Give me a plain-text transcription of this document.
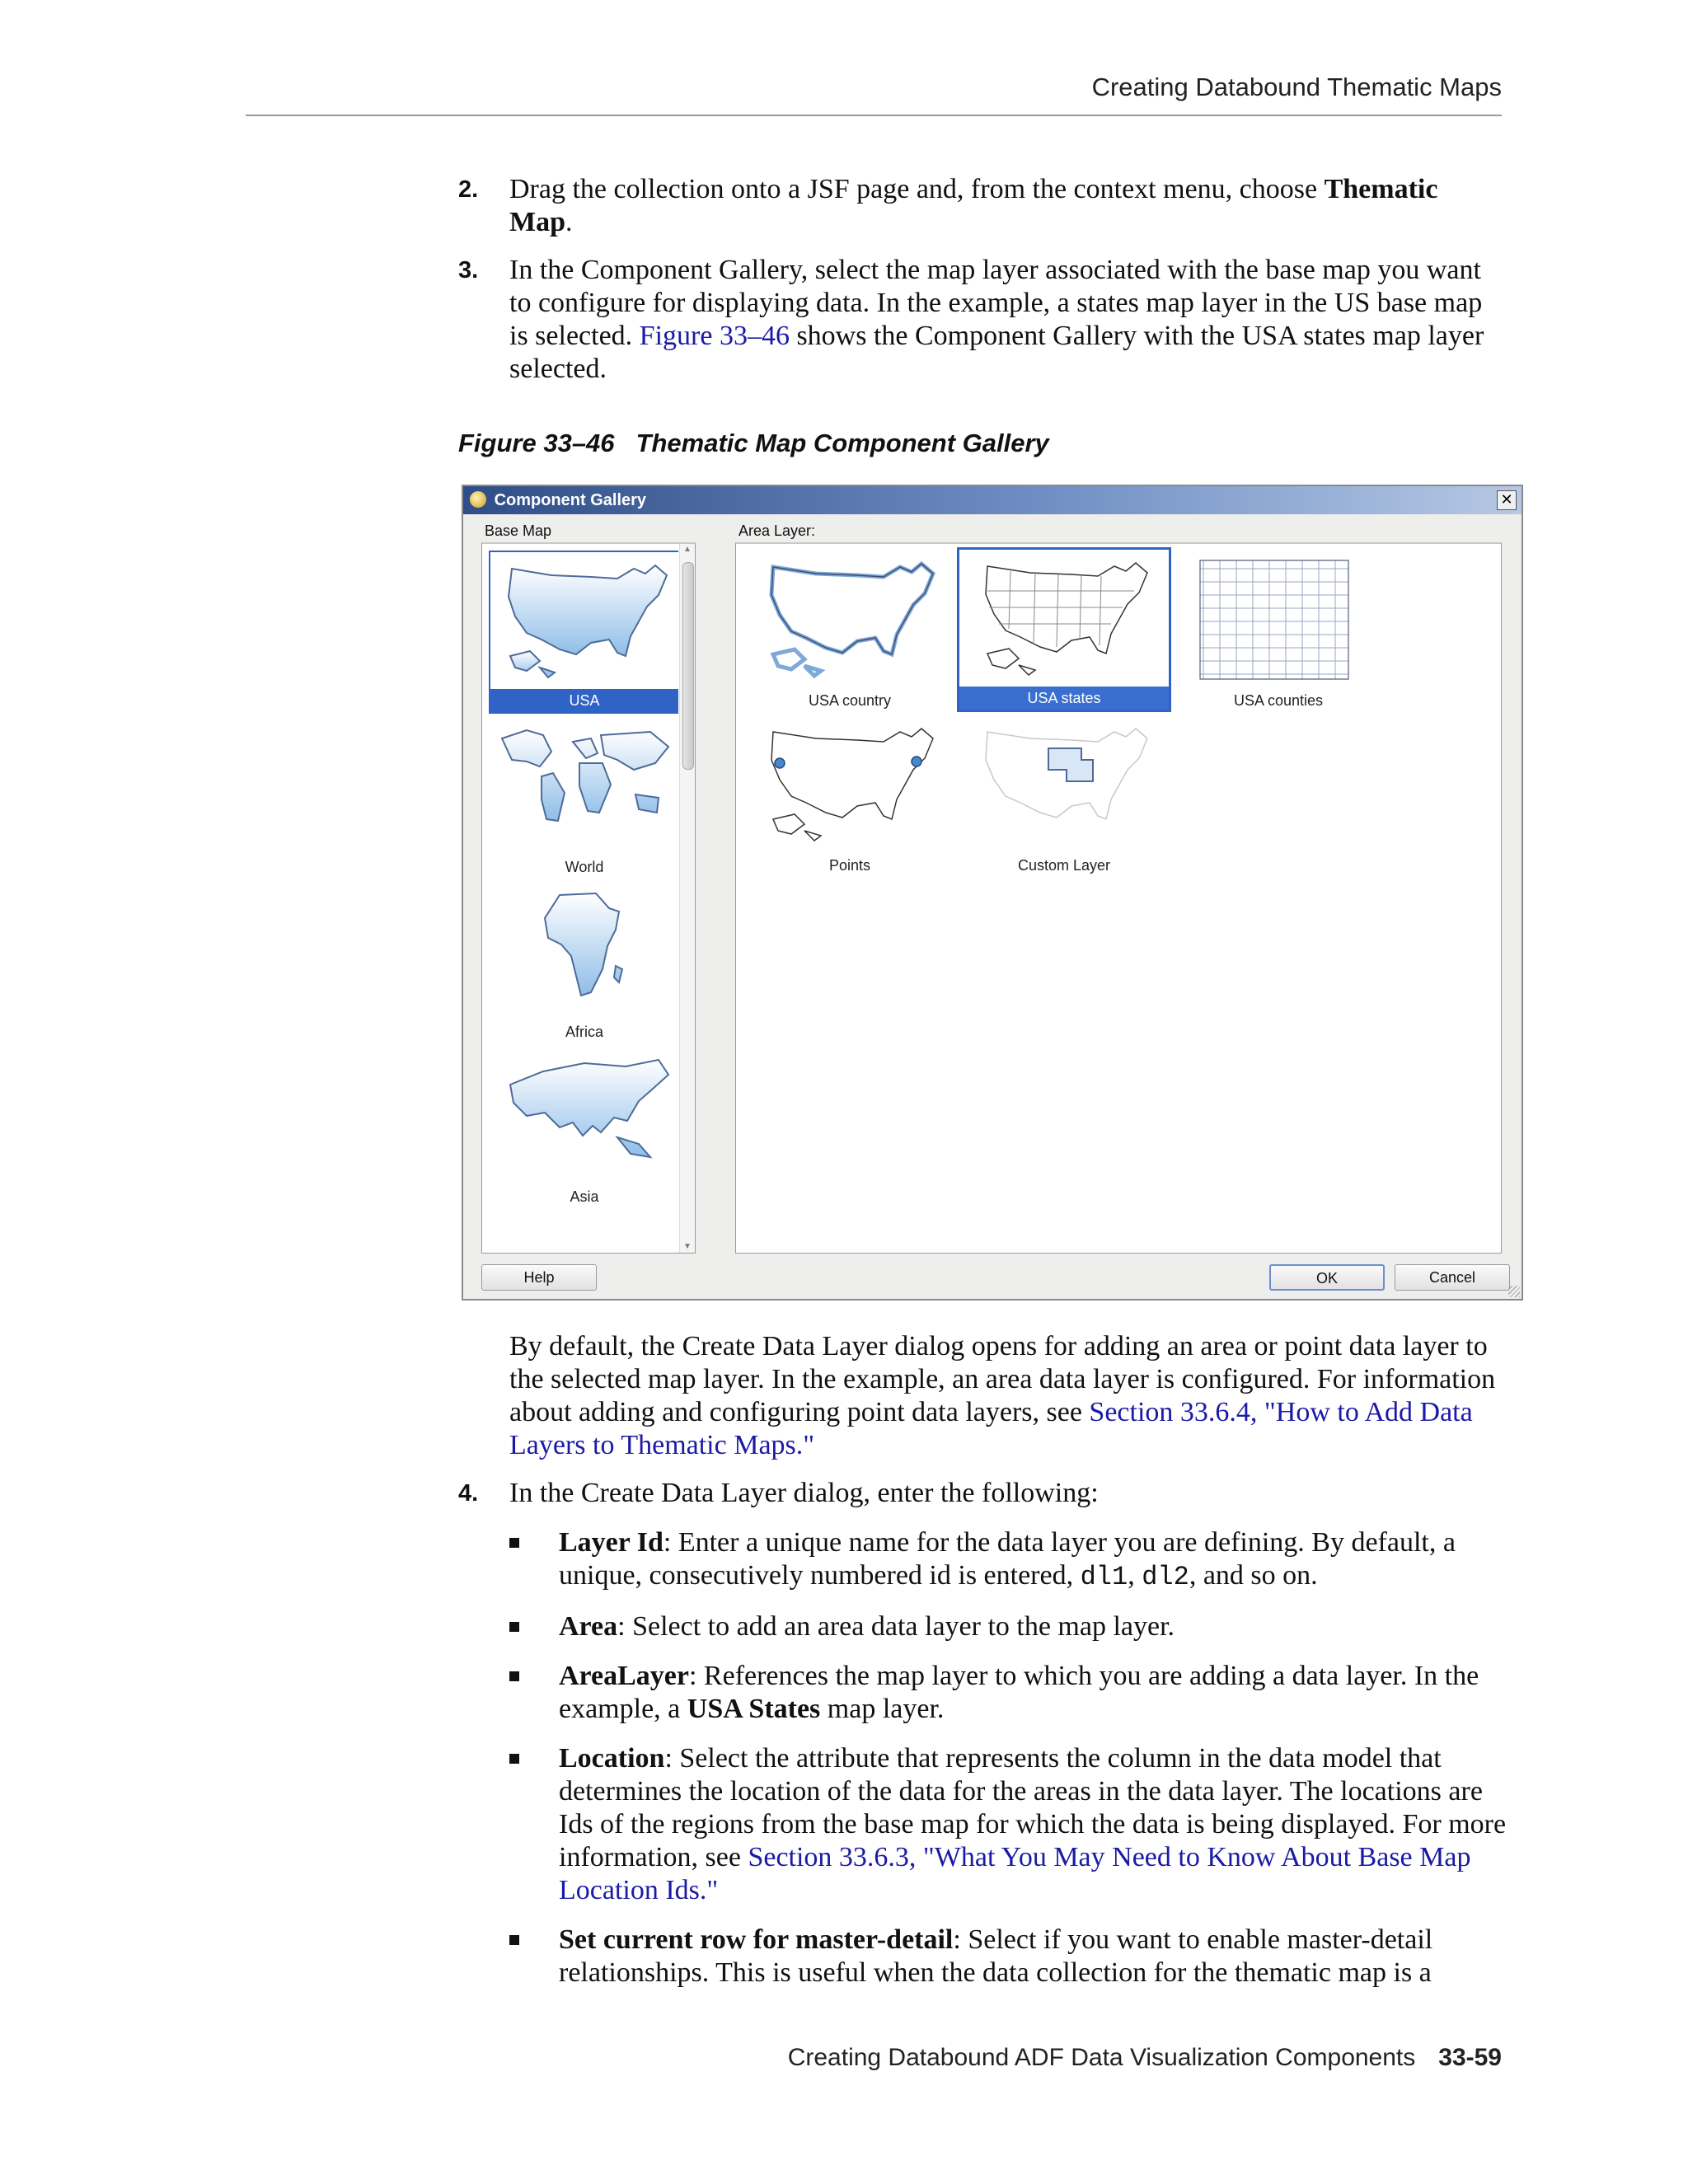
Creating Databound Thematic Maps
2. Drag the collection onto a JSF page and, from the context menu, choose Thematic Map.
3. In the Component Gallery, select the map layer associated with the base map you want to configure for displaying data. In the example, a states map layer in the US base map is selected. Figure 33–46 shows the Component Gallery with the USA states map layer selected.
Figure 33–46 Thematic Map Component Gallery
Component Gallery	✕
Base Map	Area Layer:
USA
World
Africa
Asia
▲
▼
USA country	USA states	USA counties
Points	Custom Layer
Help	OK	Cancel
By default, the Create Data Layer dialog opens for adding an area or point data layer to the selected map layer. In the example, an area data layer is configured. For information about adding and configuring point data layers, see Section 33.6.4, "How to Add Data Layers to Thematic Maps."
4. In the Create Data Layer dialog, enter the following:
Layer Id: Enter a unique name for the data layer you are defining. By default, a unique, consecutively numbered id is entered, dl1, dl2, and so on.
Area: Select to add an area data layer to the map layer.
AreaLayer: References the map layer to which you are adding a data layer. In the example, a USA States map layer.
Location: Select the attribute that represents the column in the data model that determines the location of the data for the areas in the data layer. The locations are Ids of the regions from the base map for which the data is being displayed. For more information, see Section 33.6.3, "What You May Need to Know About Base Map Location Ids."
Set current row for master-detail: Select if you want to enable master-detail relationships. This is useful when the data collection for the thematic map is a
Creating Databound ADF Data Visualization Components 33-59
